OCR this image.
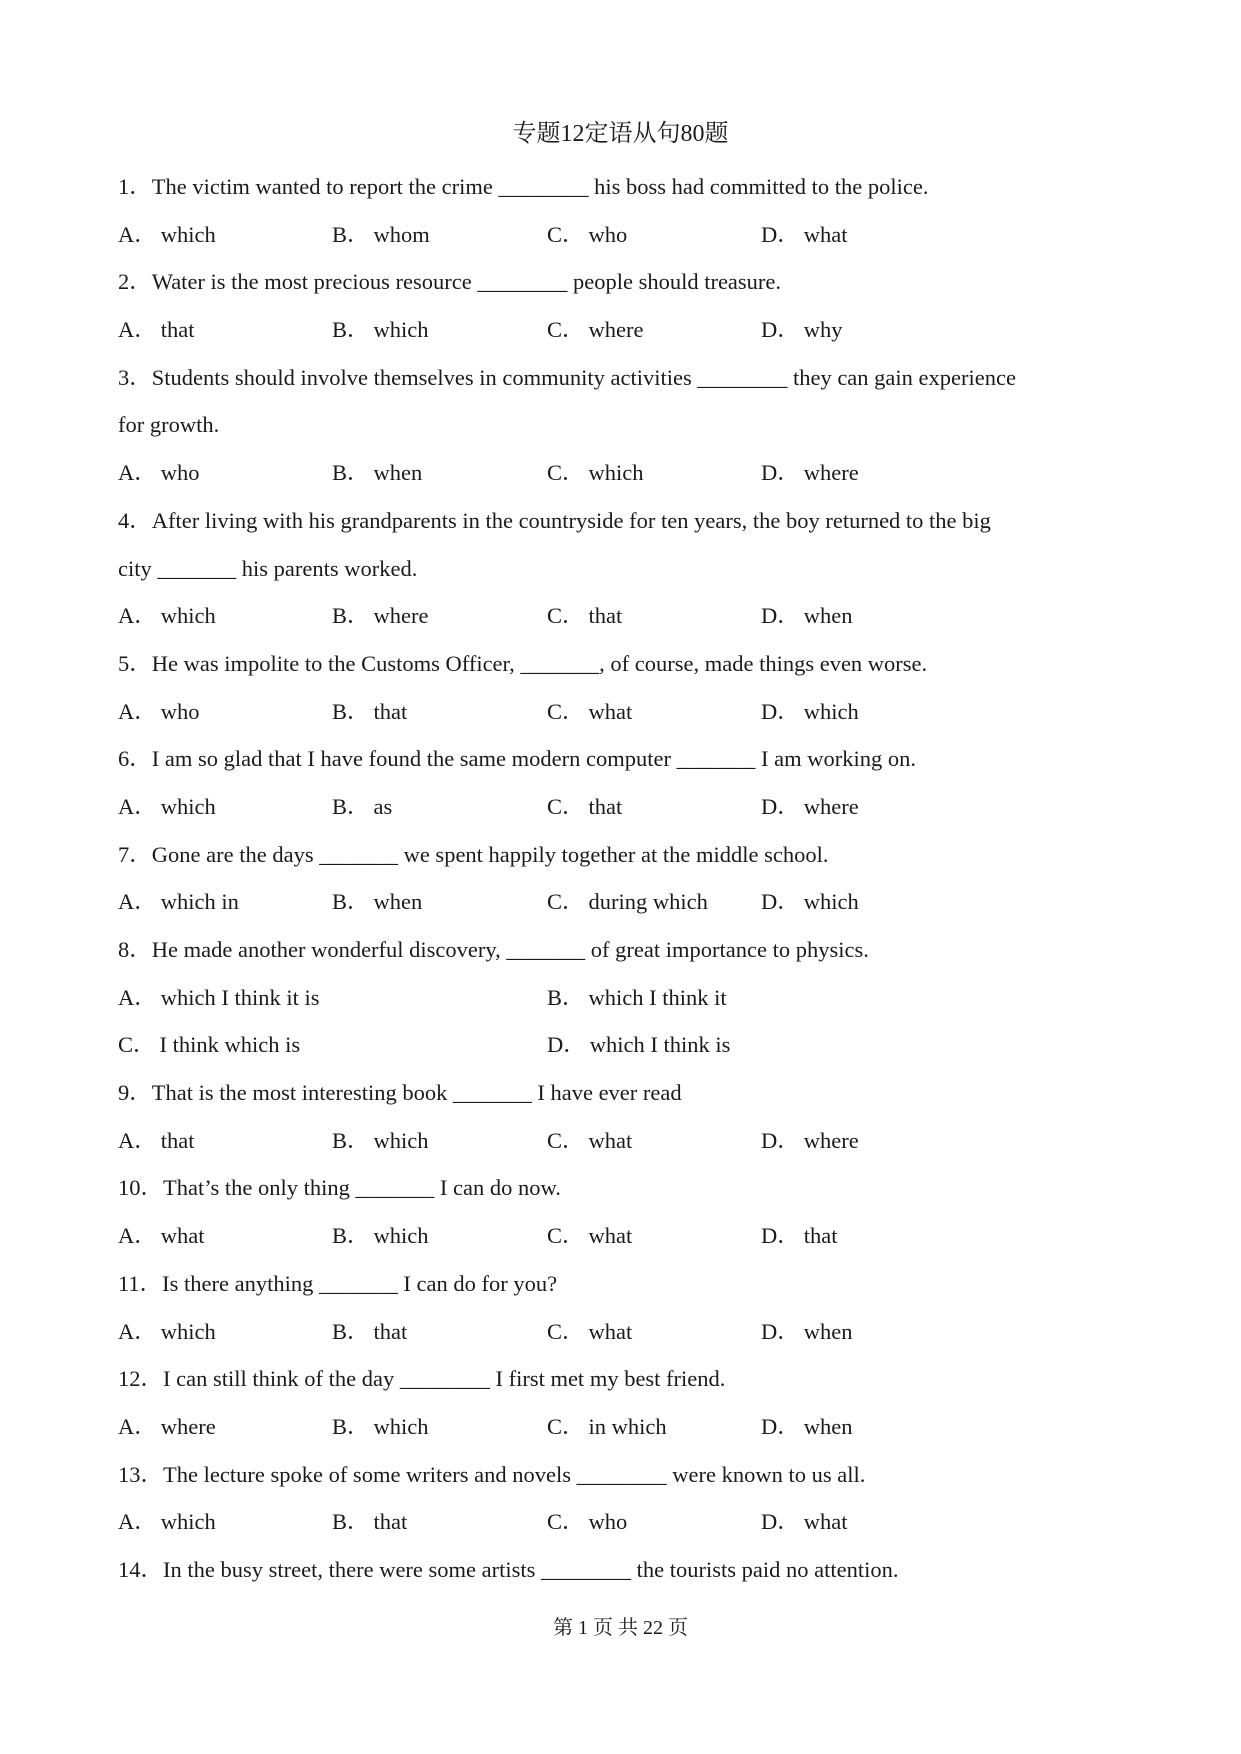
专题12定语从句80题
1．The victim wanted to report the crime ________ his boss had committed to the police.
A． which	B． whom	C． who	D． what
2．Water is the most precious resource ________ people should treasure.
A． that	B． which	C． where	D． why
3．Students should involve themselves in community activities ________ they can gain experience
for growth.
A． who	B． when	C． which	D． where
4．After living with his grandparents in the countryside for ten years, the boy returned to the big
city _______ his parents worked.
A． which	B． where	C． that	D． when
5．He was impolite to the Customs Officer, _______, of course, made things even worse.
A． who	B． that	C． what	D． which
6．I am so glad that I have found the same modern computer _______ I am working on.
A． which	B． as	C． that	D． where
7．Gone are the days _______ we spent happily together at the middle school.
A． which in	B． when	C． during which D． which
8．He made another wonderful discovery, _______ of great importance to physics.
A． which I think it is	B． which I think it
C． I think which is	D． which I think is
9．That is the most interesting book _______ I have ever read
A． that	B． which	C． what	D． where
10．That’s the only thing _______ I can do now.
A． what	B． which	C． what	D． that
11．Is there anything _______ I can do for you?
A． which	B． that	C． what	D． when
12．I can still think of the day ________ I first met my best friend.
A． where	B． which	C． in which	D． when
13．The lecture spoke of some writers and novels ________ were known to us all.
A． which	B． that	C． who	D． what
14．In the busy street, there were some artists ________ the tourists paid no attention.
第 1 页 共 22 页
